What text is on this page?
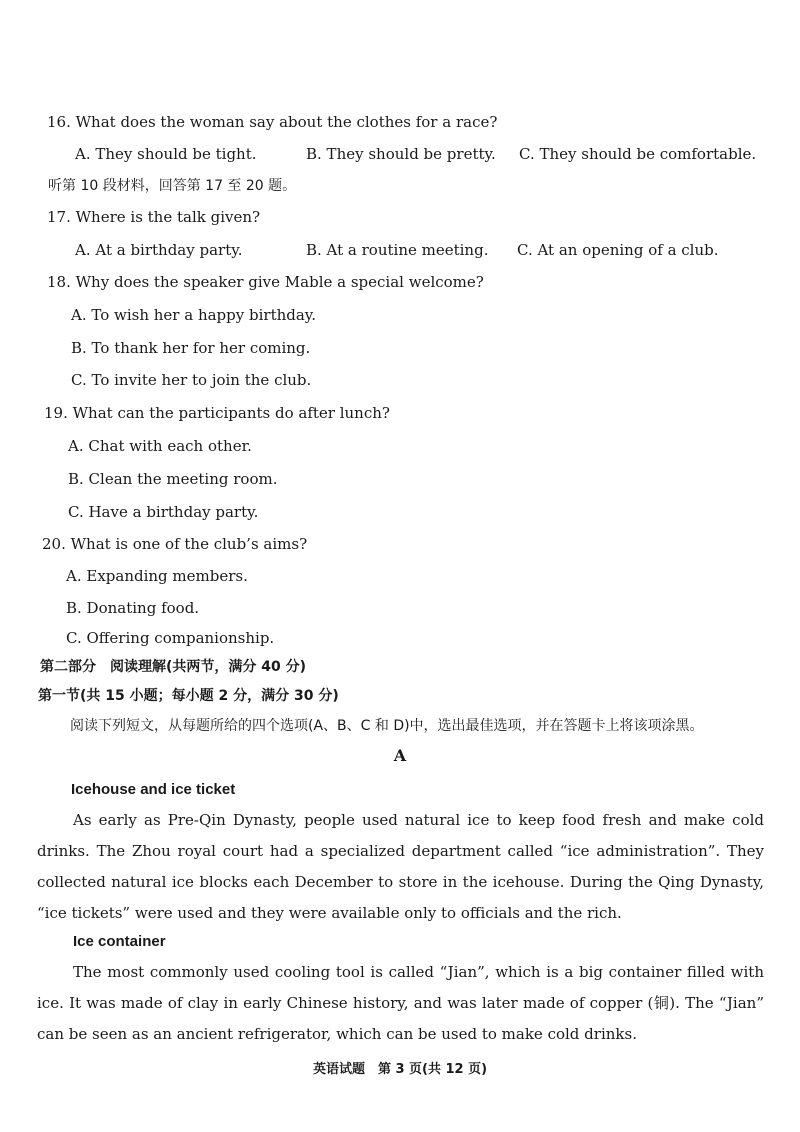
16. What does the woman say about the clothes for a race?
A. They should be tight.	B. They should be pretty. C. They should be comfortable.
听第 10 段材料，回答第 17 至 20 题。
17. Where is the talk given?
A. At a birthday party.	B. At a routine meeting. C. At an opening of a club.
18. Why does the speaker give Mable a special welcome?
A. To wish her a happy birthday.
B. To thank her for her coming.
C. To invite her to join the club.
19. What can the participants do after lunch?
A. Chat with each other.
B. Clean the meeting room.
C. Have a birthday party.
20. What is one of the club’s aims?
A. Expanding members.
B. Donating food.
C. Offering companionship.
第二部分　阅读理解(共两节，满分 40 分)
第一节(共 15 小题；每小题 2 分，满分 30 分)
阅读下列短文，从每题所给的四个选项(A、B、C 和 D)中，选出最佳选项，并在答题卡上将该项涂黑。
A
Icehouse and ice ticket
As early as Pre-Qin Dynasty, people used natural ice to keep food fresh and make cold drinks. The Zhou royal court had a specialized department called “ice administration”. They collected natural ice blocks each December to store in the icehouse. During the Qing Dynasty, “ice tickets” were used and they were available only to officials and the rich.
Ice container
The most commonly used cooling tool is called “Jian”, which is a big container filled with ice. It was made of clay in early Chinese history, and was later made of copper (铜). The “Jian” can be seen as an ancient refrigerator, which can be used to make cold drinks.
英语试题　第 3 页(共 12 页)
